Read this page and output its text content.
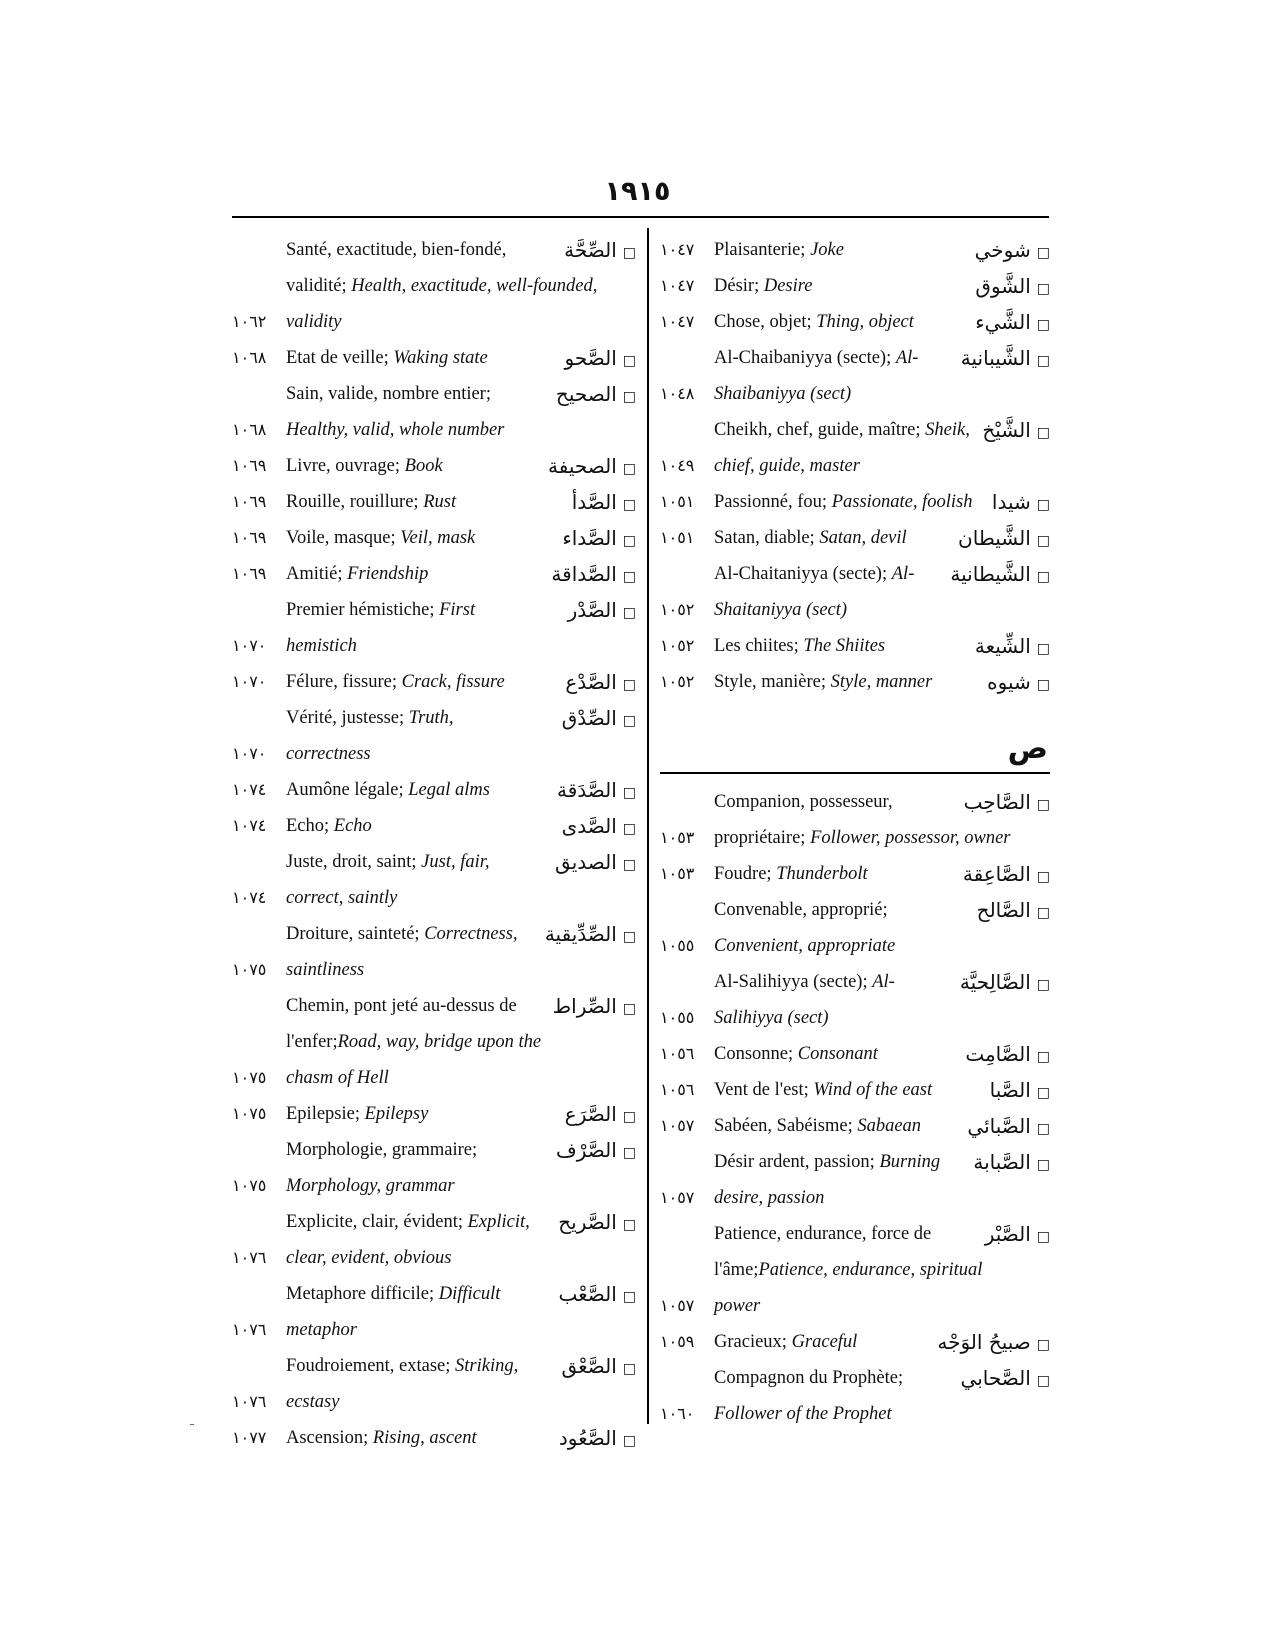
١٩١٥
١٠٤٧	Plaisanterie; Joke	□شوخي
١٠٤٧	Désir; Desire	□الشَّوق
١٠٤٧	Chose, objet; Thing, object	□الشَّيء
Al-Chaibaniyya (secte); Al-	□الشَّيبانية
١٠٤٨	Shaibaniyya (sect)
Cheikh, chef, guide, maître; Sheik,	□الشَّيْخ
١٠٤٩	chief, guide, master
١٠٥١	Passionné, fou; Passionate, foolish	□شيدا
١٠٥١	Satan, diable; Satan, devil	□الشَّيطان
Al-Chaitaniyya (secte); Al-	□الشَّيطانية
١٠٥٢	Shaitaniyya (sect)
١٠٥٢	Les chiites; The Shiites	□الشِّيعة
١٠٥٢	Style, manière; Style, manner	□شيوه
ص
Companion, possesseur,	□الصَّاحِب
١٠٥٣	propriétaire; Follower, possessor, owner
١٠٥٣	Foudre; Thunderbolt	□الصَّاعِقة
Convenable, approprié;	□الصَّالح
١٠٥٥	Convenient, appropriate
Al-Salihiyya (secte); Al-	□الصَّالِحيَّة
١٠٥٥	Salihiyya (sect)
١٠٥٦	Consonne; Consonant	□الصَّامِت
١٠٥٦	Vent de l'est; Wind of the east	□الصَّبا
١٠٥٧	Sabéen, Sabéisme; Sabaean	□الصَّبائي
Désir ardent, passion; Burning	□الصَّبابة
١٠٥٧	desire, passion
Patience, endurance, force de	□الصَّبْر
l'âme; Patience, endurance, spiritual
١٠٥٧	power
١٠٥٩	Gracieux; Graceful	□صبيحُ الوَجْه
Compagnon du Prophète;	□الصَّحابي
١٠٦٠	Follower of the Prophet
Santé, exactitude, bien-fondé,	□الصِّحَّة
validité; Health, exactitude, well-founded,
١٠٦٢	validity
١٠٦٨	Etat de veille; Waking state	□الصَّحو
Sain, valide, nombre entier;	□الصحيح
١٠٦٨	Healthy, valid, whole number
١٠٦٩	Livre, ouvrage; Book	□الصحيفة
١٠٦٩	Rouille, rouillure; Rust	□الصَّدأ
١٠٦٩	Voile, masque; Veil, mask	□الصَّداء
١٠٦٩	Amitié; Friendship	□الصَّداقة
Premier hémistiche; First	□الصَّدْر
١٠٧٠	hemistich
١٠٧٠	Félure, fissure; Crack, fissure	□الصَّدْع
Vérité, justesse; Truth,	□الصِّدْق
١٠٧٠	correctness
١٠٧٤	Aumône légale; Legal alms	□الصَّدَقة
١٠٧٤	Echo; Echo	□الصَّدى
Juste, droit, saint; Just, fair,	□الصديق
١٠٧٤	correct, saintly
Droiture, sainteté; Correctness,	□الصِّدِّيقية
١٠٧٥	saintliness
Chemin, pont jeté au-dessus de	□الصِّراط
l'enfer; Road, way, bridge upon the
١٠٧٥	chasm of Hell
١٠٧٥	Epilepsie; Epilepsy	□الصَّرَع
Morphologie, grammaire;	□الصَّرْف
١٠٧٥	Morphology, grammar
Explicite, clair, évident; Explicit,	□الصَّريح
١٠٧٦	clear, evident, obvious
Metaphore difficile; Difficult	□الصَّعْب
١٠٧٦	metaphor
Foudroiement, extase; Striking,	□الصَّعْق
١٠٧٦	ecstasy
١٠٧٧	Ascension; Rising, ascent	□الصَّعُود
